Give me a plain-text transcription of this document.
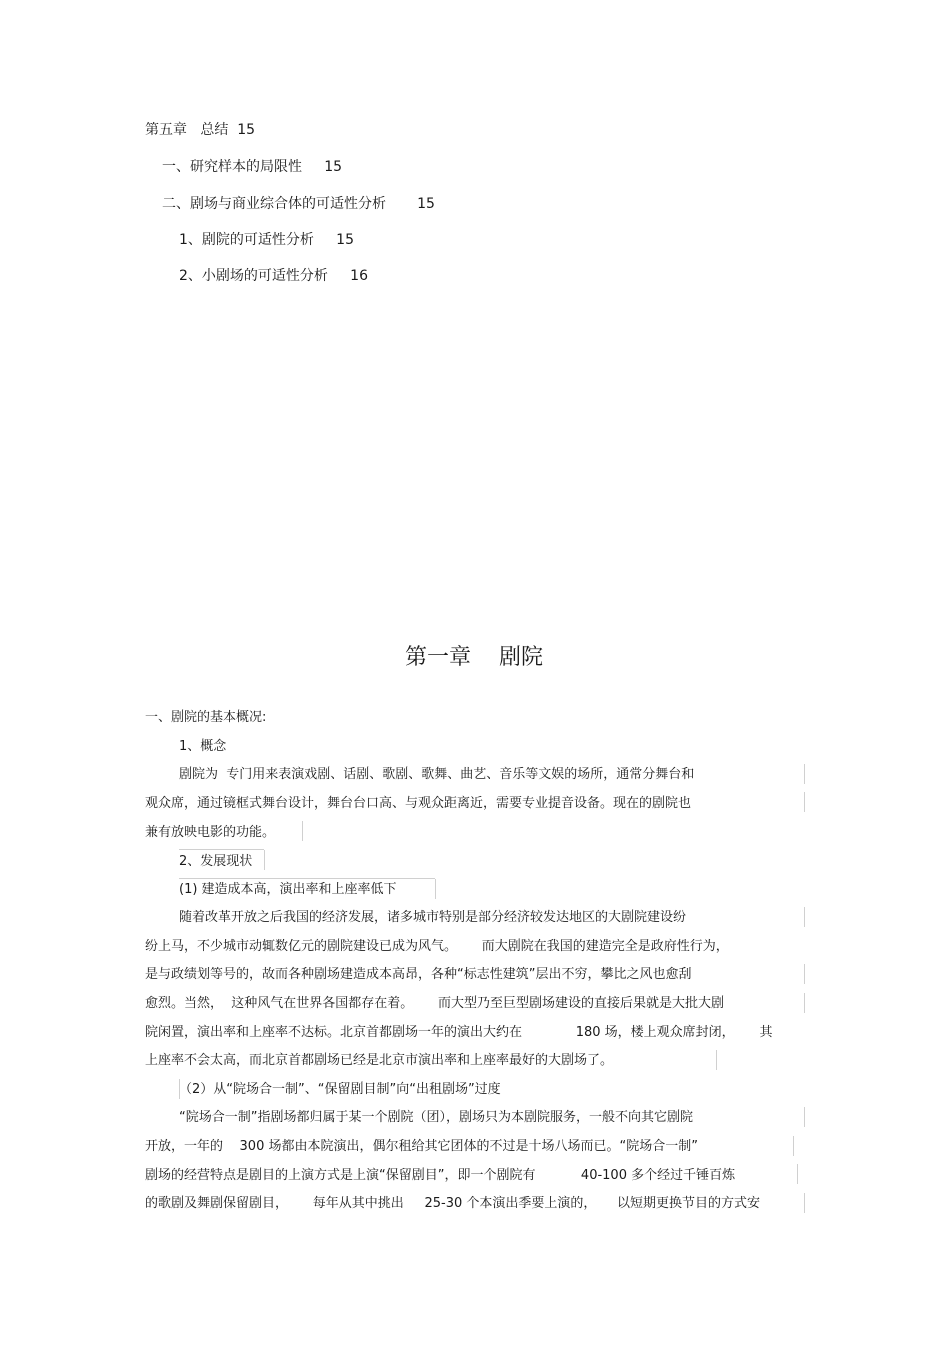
第五章   总结  15
一、研究样本的局限性     15
二、剧场与商业综合体的可适性分析       15
1、剧院的可适性分析     15
2、小剧场的可适性分析     16
第一章    剧院
一、剧院的基本概况:
1、概念
剧院为  专门用来表演戏剧、话剧、歌剧、歌舞、曲艺、音乐等文娱的场所，通常分舞台和
观众席，通过镜框式舞台设计，舞台台口高、与观众距离近，需要专业提音设备。现在的剧院也
兼有放映电影的功能。
2、发展现状
(1) 建造成本高，演出率和上座率低下
随着改革开放之后我国的经济发展，诸多城市特别是部分经济较发达地区的大剧院建设纷
纷上马，不少城市动辄数亿元的剧院建设已成为风气。      而大剧院在我国的建造完全是政府性行为，
是与政绩划等号的，故而各种剧场建造成本高昂，各种“标志性建筑”层出不穷，攀比之风也愈刮
愈烈。当然，  这种风气在世界各国都存在着。      而大型乃至巨型剧场建设的直接后果就是大批大剧
院闲置，演出率和上座率不达标。北京首都剧场一年的演出大约在             180 场，楼上观众席封闭，      其
上座率不会太高，而北京首都剧场已经是北京市演出率和上座率最好的大剧场了。
（2）从“院场合一制”、“保留剧目制”向“出租剧场”过度
“院场合一制”指剧场都归属于某一个剧院（团），剧场只为本剧院服务，一般不向其它剧院
开放，一年的    300 场都由本院演出，偶尔租给其它团体的不过是十场八场而已。“院场合一制”
剧场的经营特点是剧目的上演方式是上演“保留剧目”，即一个剧院有           40-100 多个经过千锤百炼
的歌剧及舞剧保留剧目，      每年从其中挑出     25-30 个本演出季要上演的，     以短期更换节目的方式安
